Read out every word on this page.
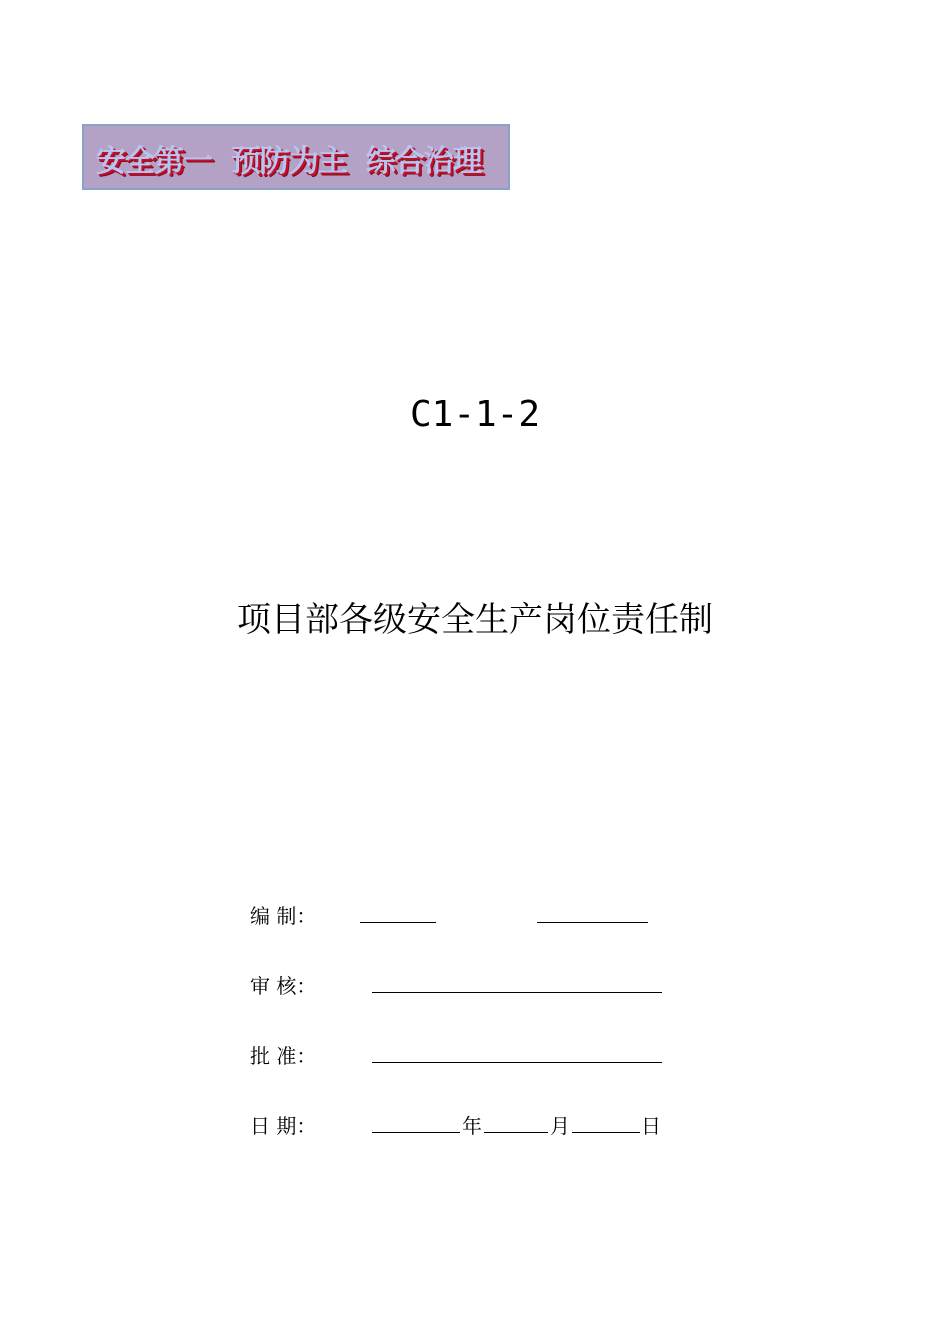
安全第一  预防为主  综合治理
C1-1-2
项目部各级安全生产岗位责任制
编 制：
审 核：
批 准：
日 期：	年	月	日
